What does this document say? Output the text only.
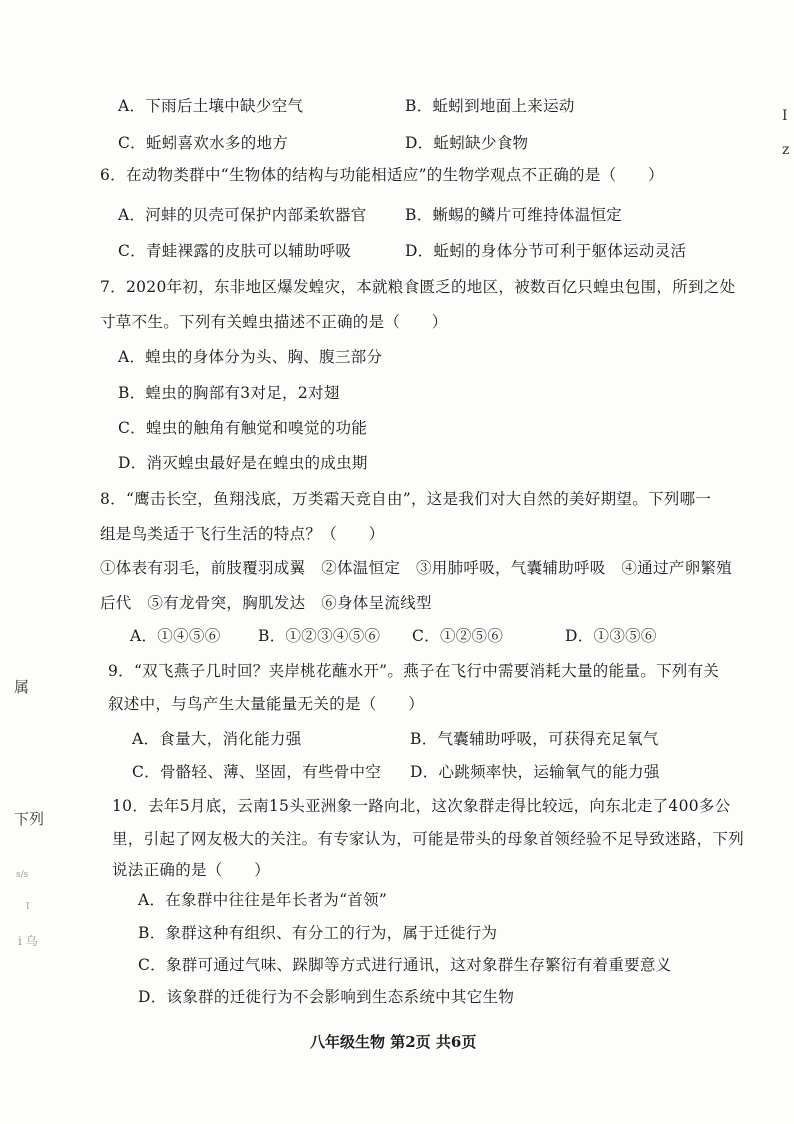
A．下雨后土壤中缺少空气	B．蚯蚓到地面上来运动
C．蚯蚓喜欢水多的地方	D．蚯蚓缺少食物
6．在动物类群中“生物体的结构与功能相适应”的生物学观点不正确的是（　　）
A．河蚌的贝壳可保护内部柔软器官 B．蜥蜴的鳞片可维持体温恒定
C．青蛙裸露的皮肤可以辅助呼吸	D．蚯蚓的身体分节可利于躯体运动灵活
7．2020年初，东非地区爆发蝗灾，本就粮食匮乏的地区，被数百亿只蝗虫包围，所到之处
寸草不生。下列有关蝗虫描述不正确的是（　　）
A．蝗虫的身体分为头、胸、腹三部分
B．蝗虫的胸部有3对足，2对翅
C．蝗虫的触角有触觉和嗅觉的功能
D．消灭蝗虫最好是在蝗虫的成虫期
8．“鹰击长空，鱼翔浅底，万类霜天竞自由”，这是我们对大自然的美好期望。下列哪一
组是鸟类适于飞行生活的特点？（　　）
①体表有羽毛，前肢覆羽成翼　②体温恒定　③用肺呼吸，气囊辅助呼吸　④通过产卵繁殖
后代　⑤有龙骨突，胸肌发达　⑥身体呈流线型
A．①④⑤⑥ B．①②③④⑤⑥ C．①②⑤⑥	D．①③⑤⑥
9．“双飞燕子几时回？夹岸桃花蘸水开”。燕子在飞行中需要消耗大量的能量。下列有关
叙述中，与鸟产生大量能量无关的是（　　）
A．食量大，消化能力强	B．气囊辅助呼吸，可获得充足氧气
C．骨骼轻、薄、坚固，有些骨中空 D．心跳频率快，运输氧气的能力强
10．去年5月底，云南15头亚洲象一路向北，这次象群走得比较远，向东北走了400多公
里，引起了网友极大的关注。有专家认为，可能是带头的母象首领经验不足导致迷路，下列
说法正确的是（　　）
A．在象群中往往是年长者为“首领”
B．象群这种有组织、有分工的行为，属于迁徙行为
C．象群可通过气味、跺脚等方式进行通讯，这对象群生存繁衍有着重要意义
D．该象群的迁徙行为不会影响到生态系统中其它生物
八年级生物 第2页 共6页
I
z
属
下列
s/s
I
i 乌
